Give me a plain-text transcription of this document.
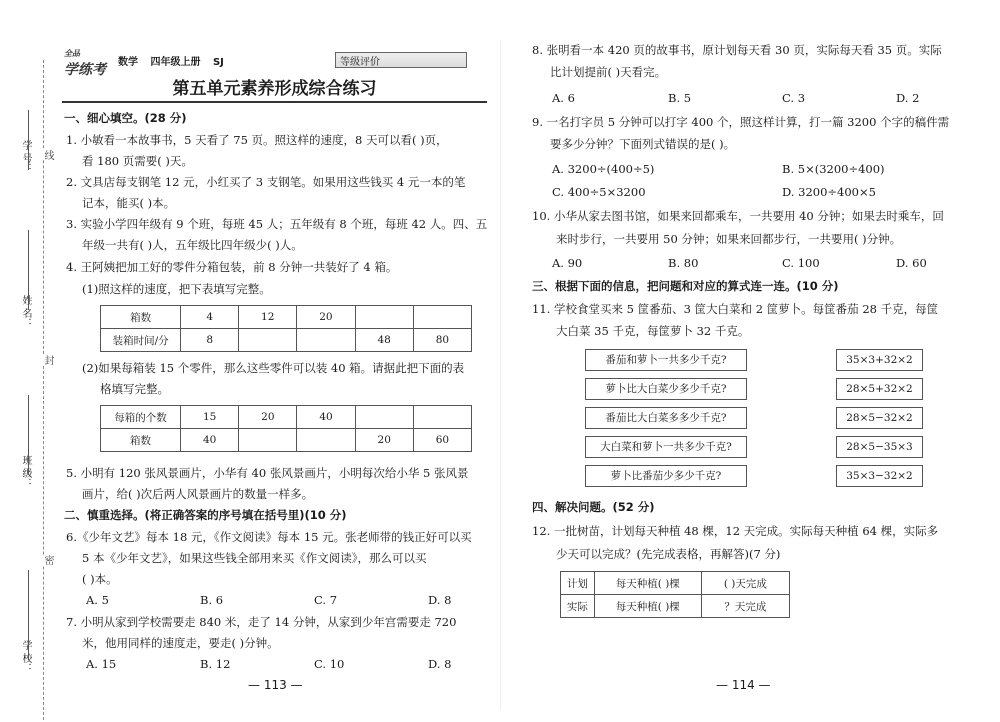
学 号：
姓 名：
班 级：
学 校：
线
封
密
全品
学练考 数学 四年级上册 SJ	等级评价
第五单元素养形成综合练习
一、细心填空。(28 分)
1. 小敏看一本故事书，5 天看了 75 页。照这样的速度，8 天可以看( )页，
看 180 页需要( )天。
2. 文具店每支钢笔 12 元，小红买了 3 支钢笔。如果用这些钱买 4 元一本的笔
记本，能买( )本。
3. 实验小学四年级有 9 个班，每班 45 人；五年级有 8 个班，每班 42 人。四、五
年级一共有( )人，五年级比四年级少( )人。
4. 王阿姨把加工好的零件分箱包装，前 8 分钟一共装好了 4 箱。
(1)照这样的速度，把下表填写完整。
箱数	4	12	20		
装箱时间/分	8			48	80
(2)如果每箱装 15 个零件，那么这些零件可以装 40 箱。请据此把下面的表
格填写完整。
每箱的个数	15	20	40		
箱数	40			20	60
5. 小明有 120 张风景画片，小华有 40 张风景画片，小明每次给小华 5 张风景
画片，给( )次后两人风景画片的数量一样多。
二、慎重选择。(将正确答案的序号填在括号里)(10 分)
6.《少年文艺》每本 18 元，《作文阅读》每本 15 元。张老师带的钱正好可以买
5 本《少年文艺》，如果这些钱全部用来买《作文阅读》，那么可以买
( )本。
A. 5	B. 6	C. 7	D. 8
7. 小明从家到学校需要走 840 米，走了 14 分钟，从家到少年宫需要走 720
米，他用同样的速度走，要走( )分钟。
A. 15	B. 12	C. 10	D. 8
— 113 —
8. 张明看一本 420 页的故事书，原计划每天看 30 页，实际每天看 35 页。实际
比计划提前( )天看完。
A. 6	B. 5	C. 3	D. 2
9. 一名打字员 5 分钟可以打字 400 个，照这样计算，打一篇 3200 个字的稿件需
要多少分钟？下面列式错误的是( )。
A. 3200÷(400÷5)	B. 5×(3200÷400)
C. 400÷5×3200	D. 3200÷400×5
10. 小华从家去图书馆，如果来回都乘车，一共要用 40 分钟；如果去时乘车，回
来时步行，一共要用 50 分钟；如果来回都步行，一共要用( )分钟。
A. 90	B. 80	C. 100	D. 60
三、根据下面的信息，把问题和对应的算式连一连。(10 分)
11. 学校食堂买来 5 筐番茄、3 筐大白菜和 2 筐萝卜。每筐番茄 28 千克，每筐
大白菜 35 千克，每筐萝卜 32 千克。
番茄和萝卜一共多少千克?
萝卜比大白菜少多少千克?
番茄比大白菜多多少千克?
大白菜和萝卜一共多少千克?
萝卜比番茄少多少千克?
35×3+32×2
28×5+32×2
28×5−32×2
28×5−35×3
35×3−32×2
四、解决问题。(52 分)
12. 一批树苗，计划每天种植 48 棵，12 天完成。实际每天种植 64 棵，实际多
少天可以完成？(先完成表格，再解答)(7 分)
计划	每天种植( )棵	( )天完成
实际	每天种植( )棵	？天完成
— 114 —
